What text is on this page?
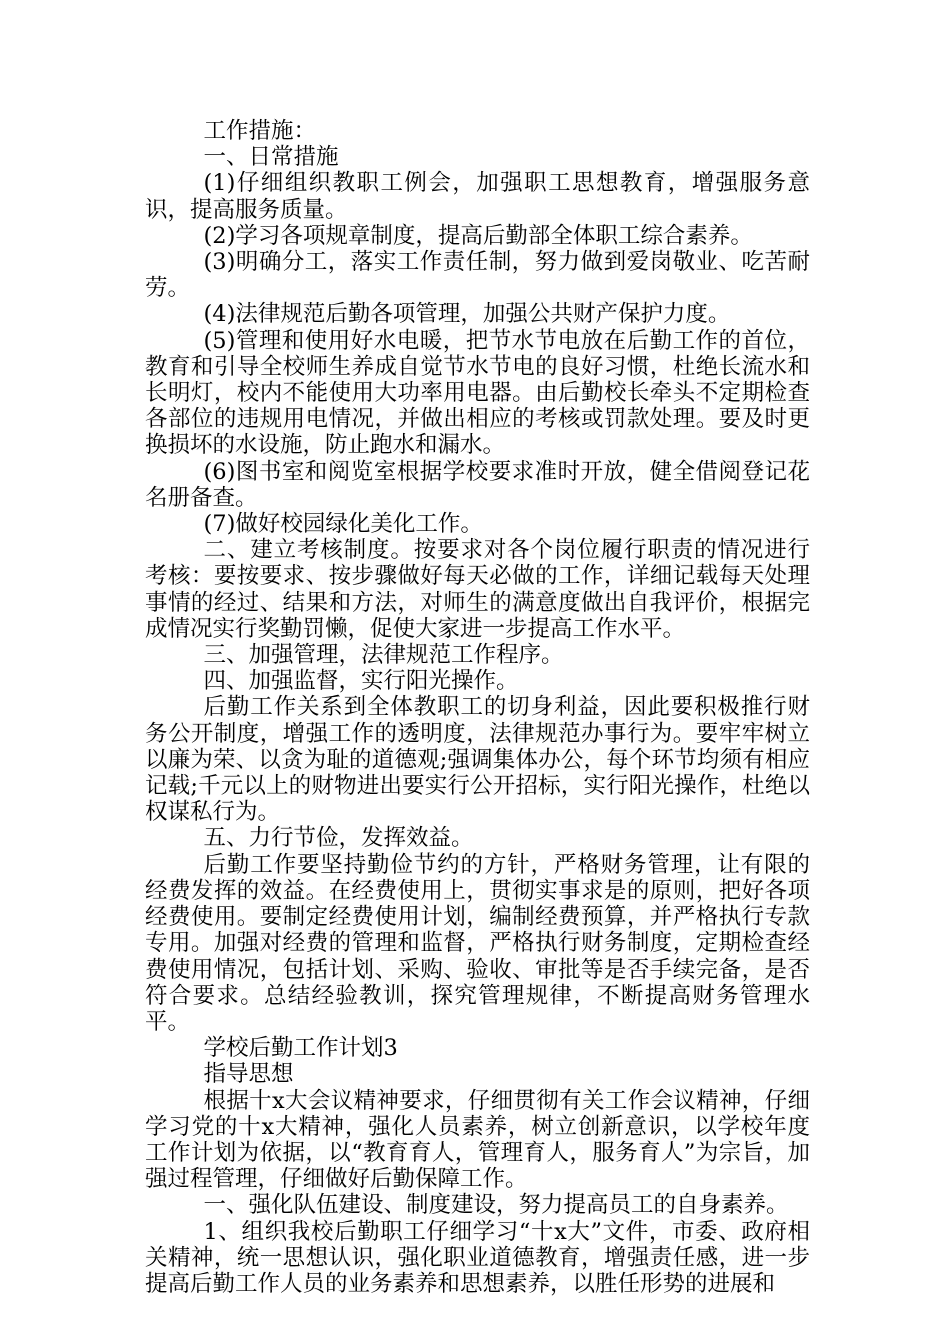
工作措施：

一、日常措施

(1)仔细组织教职工例会，加强职工思想教育，增强服务意识，提高服务质量。

(2)学习各项规章制度，提高后勤部全体职工综合素养。

(3)明确分工，落实工作责任制，努力做到爱岗敬业、吃苦耐劳。

(4)法律规范后勤各项管理，加强公共财产保护力度。

(5)管理和使用好水电暖，把节水节电放在后勤工作的首位，教育和引导全校师生养成自觉节水节电的良好习惯，杜绝长流水和长明灯，校内不能使用大功率用电器。由后勤校长牵头不定期检查各部位的违规用电情况，并做出相应的考核或罚款处理。要及时更换损坏的水设施，防止跑水和漏水。

(6)图书室和阅览室根据学校要求准时开放，健全借阅登记花名册备查。

(7)做好校园绿化美化工作。

二、建立考核制度。按要求对各个岗位履行职责的情况进行考核：要按要求、按步骤做好每天必做的工作，详细记载每天处理事情的经过、结果和方法，对师生的满意度做出自我评价，根据完成情况实行奖勤罚懒，促使大家进一步提高工作水平。

三、加强管理，法律规范工作程序。

四、加强监督，实行阳光操作。

后勤工作关系到全体教职工的切身利益，因此要积极推行财务公开制度，增强工作的透明度，法律规范办事行为。要牢牢树立以廉为荣、以贪为耻的道德观;强调集体办公，每个环节均须有相应记载;千元以上的财物进出要实行公开招标，实行阳光操作，杜绝以权谋私行为。

五、力行节俭，发挥效益。

后勤工作要坚持勤俭节约的方针，严格财务管理，让有限的经费发挥的效益。在经费使用上，贯彻实事求是的原则，把好各项经费使用。要制定经费使用计划，编制经费预算，并严格执行专款专用。加强对经费的管理和监督，严格执行财务制度，定期检查经费使用情况，包括计划、采购、验收、审批等是否手续完备，是否符合要求。总结经验教训，探究管理规律，不断提高财务管理水平。

学校后勤工作计划3

指导思想

根据十x大会议精神要求，仔细贯彻有关工作会议精神，仔细学习党的十x大精神，强化人员素养，树立创新意识，以学校年度工作计划为依据，以“教育育人，管理育人，服务育人”为宗旨，加强过程管理，仔细做好后勤保障工作。

一、强化队伍建设、制度建设，努力提高员工的自身素养。

1、组织我校后勤职工仔细学习“十x大”文件，市委、政府相关精神，统一思想认识，强化职业道德教育，增强责任感，进一步提高后勤工作人员的业务素养和思想素养，以胜任形势的进展和
